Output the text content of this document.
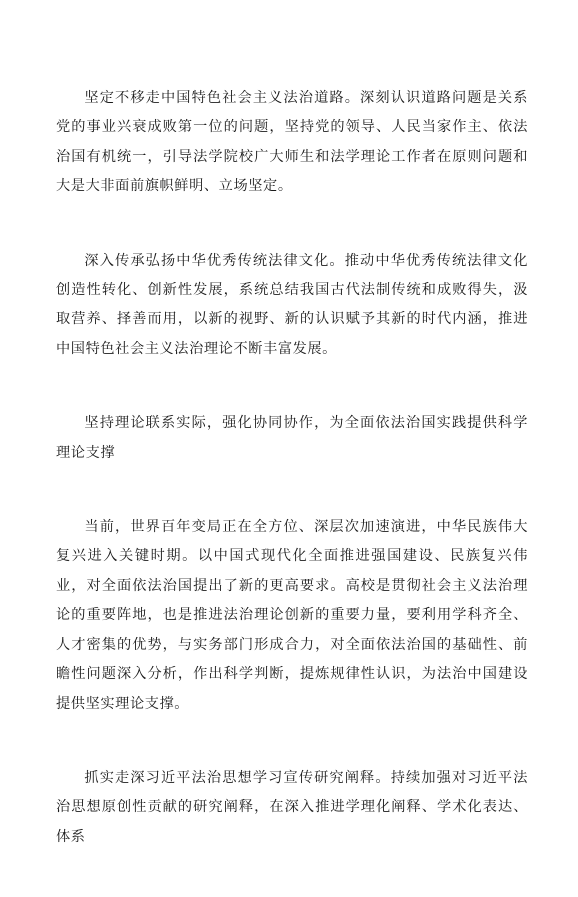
坚定不移走中国特色社会主义法治道路。深刻认识道路问题是关系党的事业兴衰成败第一位的问题，坚持党的领导、人民当家作主、依法治国有机统一，引导法学院校广大师生和法学理论工作者在原则问题和大是大非面前旗帜鲜明、立场坚定。

深入传承弘扬中华优秀传统法律文化。推动中华优秀传统法律文化创造性转化、创新性发展，系统总结我国古代法制传统和成败得失，汲取营养、择善而用，以新的视野、新的认识赋予其新的时代内涵，推进中国特色社会主义法治理论不断丰富发展。

坚持理论联系实际，强化协同协作，为全面依法治国实践提供科学理论支撑

当前，世界百年变局正在全方位、深层次加速演进，中华民族伟大复兴进入关键时期。以中国式现代化全面推进强国建设、民族复兴伟业，对全面依法治国提出了新的更高要求。高校是贯彻社会主义法治理论的重要阵地，也是推进法治理论创新的重要力量，要利用学科齐全、人才密集的优势，与实务部门形成合力，对全面依法治国的基础性、前瞻性问题深入分析，作出科学判断，提炼规律性认识，为法治中国建设提供坚实理论支撑。

抓实走深习近平法治思想学习宣传研究阐释。持续加强对习近平法治思想原创性贡献的研究阐释，在深入推进学理化阐释、学术化表达、体系
